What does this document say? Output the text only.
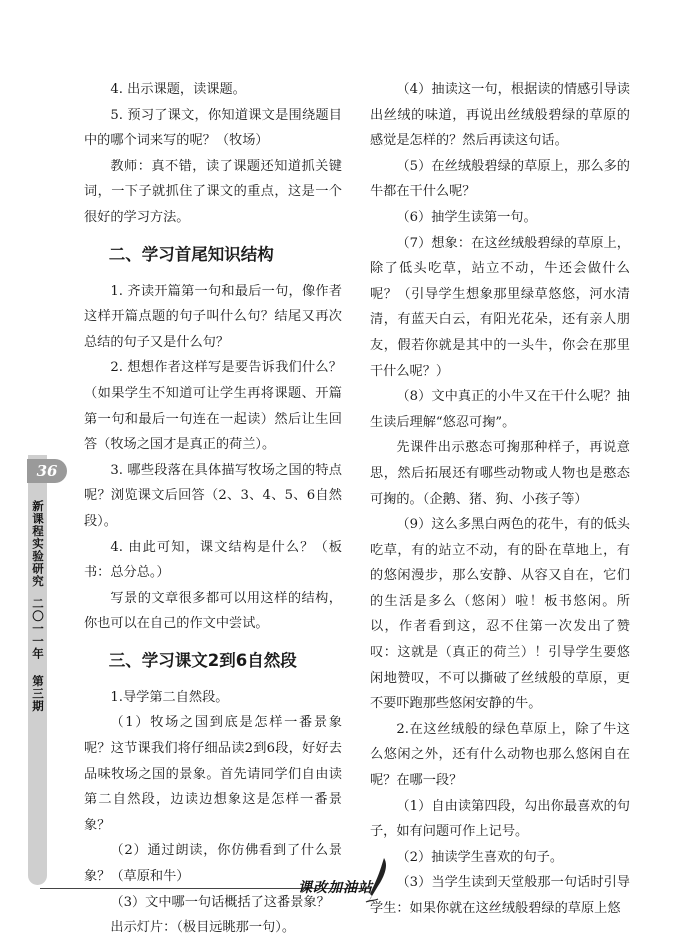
4. 出示课题，读课题。

5. 预习了课文，你知道课文是围绕题目中的哪个词来写的呢？（牧场）

教师：真不错，读了课题还知道抓关键词，一下子就抓住了课文的重点，这是一个很好的学习方法。

二、学习首尾知识结构

1. 齐读开篇第一句和最后一句，像作者这样开篇点题的句子叫什么句？结尾又再次总结的句子又是什么句？

2. 想想作者这样写是要告诉我们什么？（如果学生不知道可让学生再将课题、开篇第一句和最后一句连在一起读）然后让生回答（牧场之国才是真正的荷兰）。

3. 哪些段落在具体描写牧场之国的特点呢？浏览课文后回答（2、3、4、5、6自然段）。

4. 由此可知，课文结构是什么？（板书：总分总。）

写景的文章很多都可以用这样的结构，你也可以在自己的作文中尝试。

三、学习课文2到6自然段

1.导学第二自然段。

（1）牧场之国到底是怎样一番景象呢？这节课我们将仔细品读2到6段，好好去品味牧场之国的景象。首先请同学们自由读第二自然段，边读边想象这是怎样一番景象？

（2）通过朗读，你仿佛看到了什么景象？（草原和牛）

（3）文中哪一句话概括了这番景象？

出示灯片：（极目远眺那一句）。

（4）抽读这一句，根据读的情感引导读出丝绒的味道，再说出丝绒般碧绿的草原的感觉是怎样的？然后再读这句话。

（5）在丝绒般碧绿的草原上，那么多的牛都在干什么呢？

（6）抽学生读第一句。

（7）想象：在这丝绒般碧绿的草原上，除了低头吃草，站立不动，牛还会做什么呢？（引导学生想象那里绿草悠悠，河水清清，有蓝天白云，有阳光花朵，还有亲人朋友，假若你就是其中的一头牛，你会在那里干什么呢？）

（8）文中真正的小牛又在干什么呢？抽生读后理解“悠忍可掬”。

先课件出示憨态可掬那种样子，再说意思，然后拓展还有哪些动物或人物也是憨态可掬的。（企鹅、猪、狗、小孩子等）

（9）这么多黑白两色的花牛，有的低头吃草，有的站立不动，有的卧在草地上，有的悠闲漫步，那么安静、从容又自在，它们的生活是多么（悠闲）啦！板书悠闲。所以，作者看到这，忍不住第一次发出了赞叹：这就是（真正的荷兰）！引导学生要悠闲地赞叹，不可以撕破了丝绒般的草原，更不要吓跑那些悠闲安静的牛。

2.在这丝绒般的绿色草原上，除了牛这么悠闲之外，还有什么动物也那么悠闲自在呢？在哪一段？

（1）自由读第四段，勾出你最喜欢的句子，如有问题可作上记号。

（2）抽读学生喜欢的句子。

（3）当学生读到天堂般那一句话时引导学生：如果你就在这丝绒般碧绿的草原上悠

36
新课程实验研究二〇一一年 第三期
课改加油站
